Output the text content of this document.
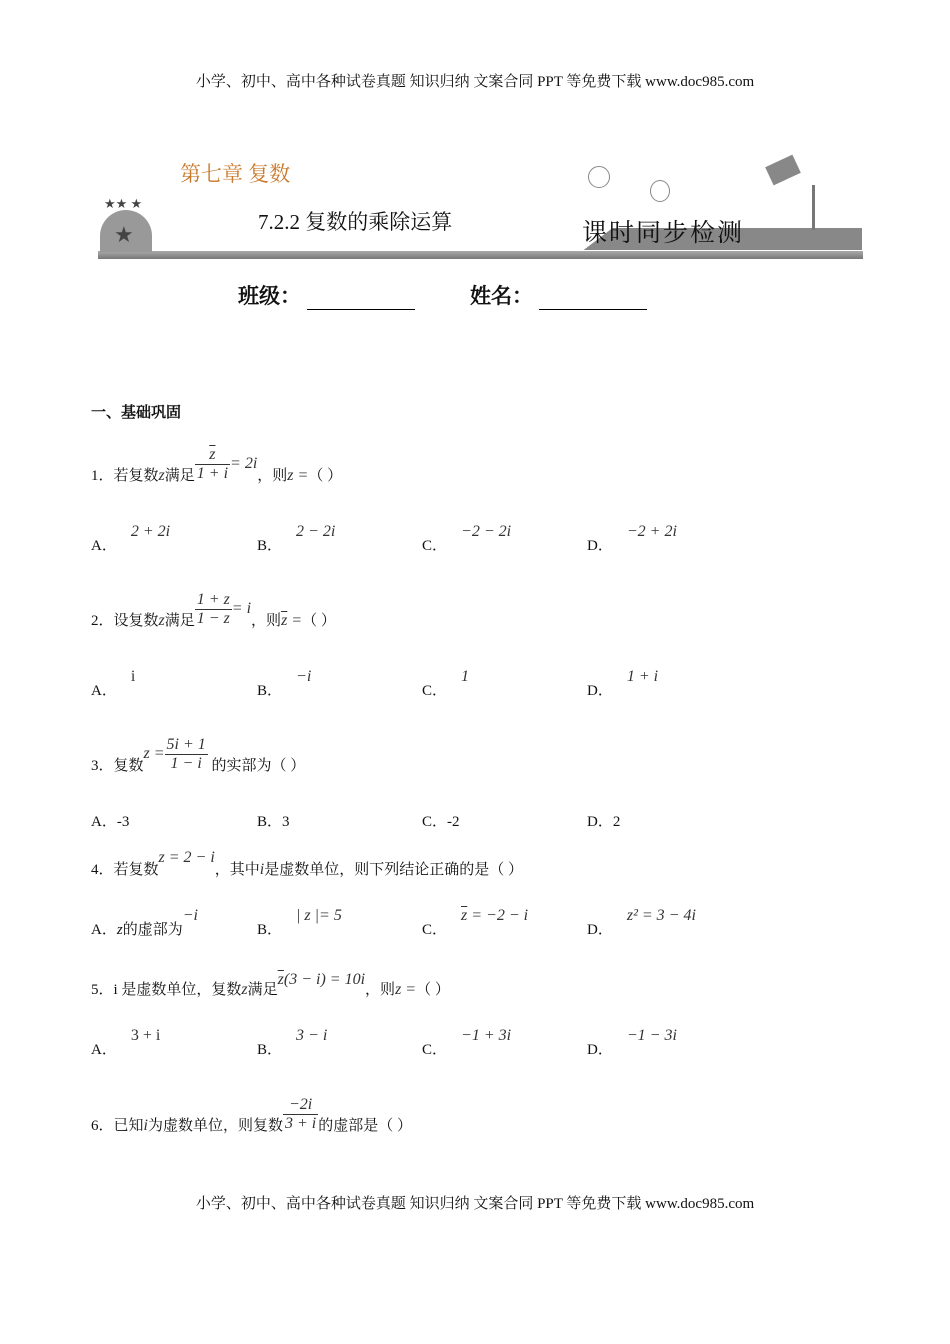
小学、初中、高中各种试卷真题 知识归纳 文案合同 PPT 等免费下载 www.doc985.com
★
★★ ★
第七章 复数
7.2.2 复数的乘除运算	课时同步检测
班级：	姓名：
一、基础巩固
1．若复数z满足 $\frac{\overline{z}}{1 + i} = 2i$，则z =（ ）
A．2 + 2i
B．2 − 2i
C．−2 − 2i
D．−2 + 2i
2．设复数z满足 $\frac{1 + z}{1 - z} = i$，则$\overline{z}$ =（ ）
A．i
B．−i
C．1
D．1 + i
3．复数$z = \frac{5i + 1}{1 - i}$ 的实部为（ ）
A．-3	B．3	C．-2	D．2
4．若复数z = 2 − i，其中i是虚数单位，则下列结论正确的是（ ）
A．z的虚部为−i
B．| z |= 5
C．$\overline{z} = -2 - i$
D．z² = 3 − 4i
5．i 是虚数单位，复数z满足$\overline{z}(3 - i) = 10i$，则z =（ ）
A．3 + i
B．3 − i
C．−1 + 3i
D．−1 − 3i
6．已知i为虚数单位，则复数 $\frac{-2i}{3 + i}$ 的虚部是（ ）
小学、初中、高中各种试卷真题 知识归纳 文案合同 PPT 等免费下载 www.doc985.com
